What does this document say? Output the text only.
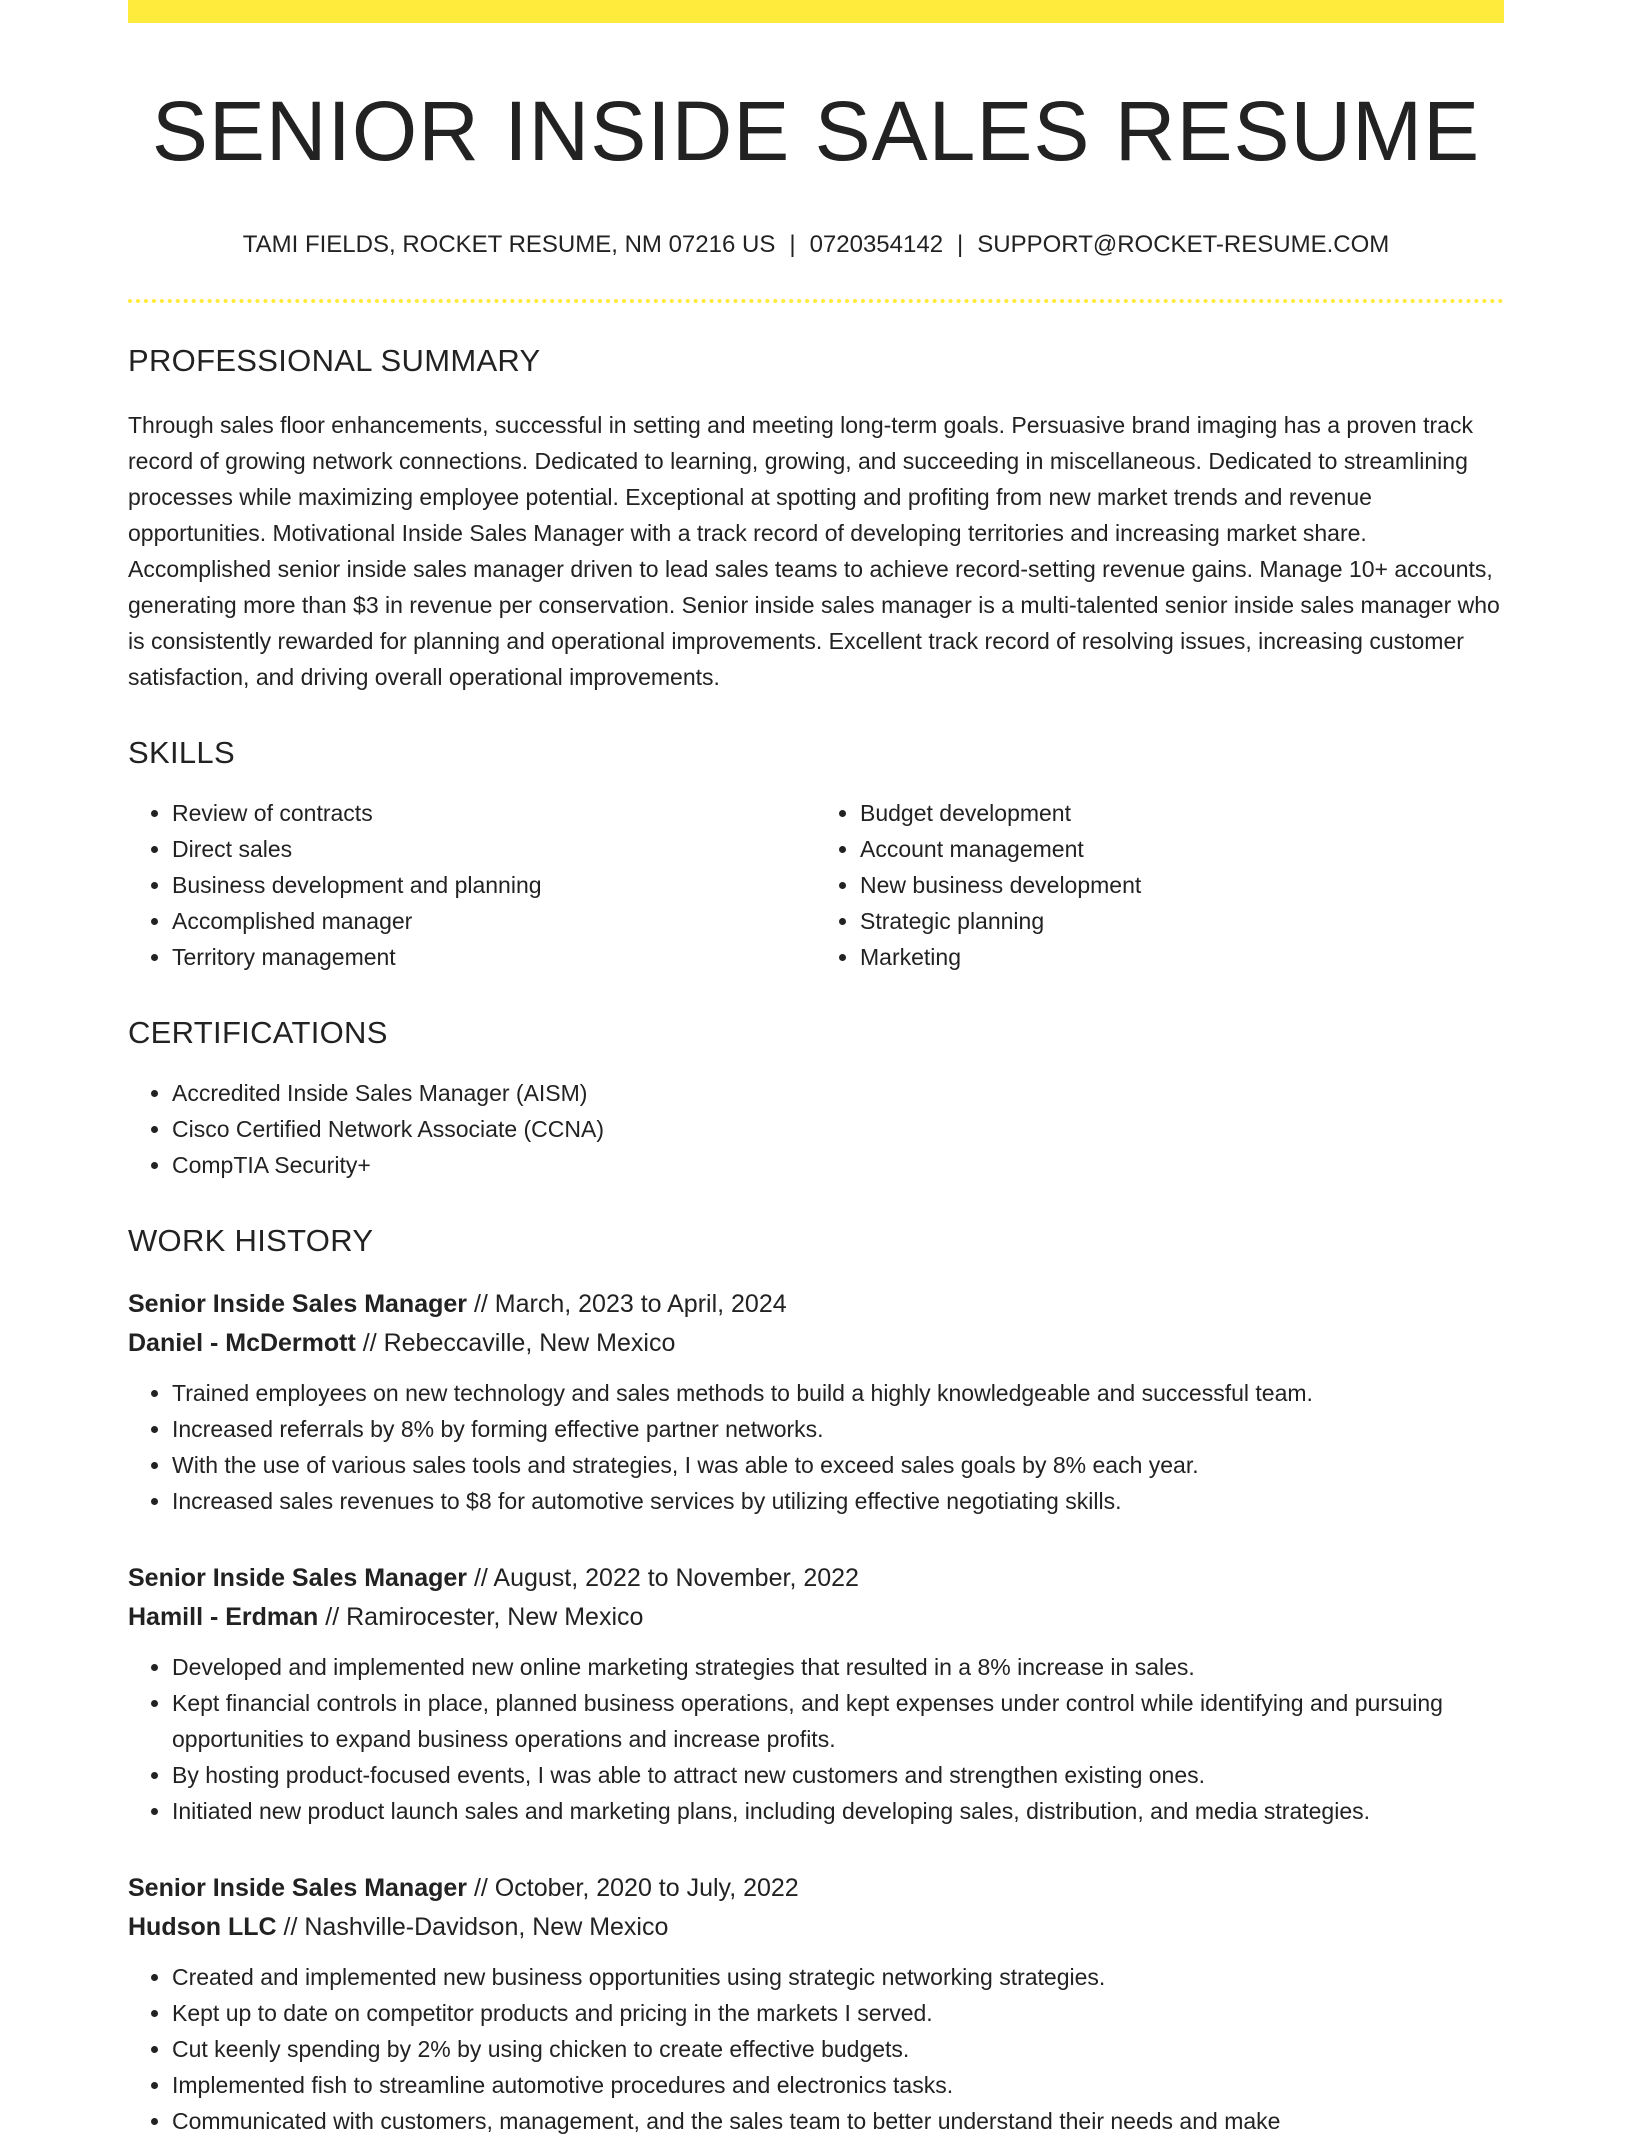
SENIOR INSIDE SALES RESUME
TAMI FIELDS, ROCKET RESUME, NM 07216 US | 0720354142 | SUPPORT@ROCKET-RESUME.COM
PROFESSIONAL SUMMARY
Through sales floor enhancements, successful in setting and meeting long-term goals. Persuasive brand imaging has a proven track record of growing network connections. Dedicated to learning, growing, and succeeding in miscellaneous. Dedicated to streamlining processes while maximizing employee potential. Exceptional at spotting and profiting from new market trends and revenue opportunities. Motivational Inside Sales Manager with a track record of developing territories and increasing market share. Accomplished senior inside sales manager driven to lead sales teams to achieve record-setting revenue gains. Manage 10+ accounts, generating more than $3 in revenue per conservation. Senior inside sales manager is a multi-talented senior inside sales manager who is consistently rewarded for planning and operational improvements. Excellent track record of resolving issues, increasing customer satisfaction, and driving overall operational improvements.
SKILLS
• Review of contracts
• Direct sales
• Business development and planning
• Accomplished manager
• Territory management
• Budget development
• Account management
• New business development
• Strategic planning
• Marketing
CERTIFICATIONS
• Accredited Inside Sales Manager (AISM)
• Cisco Certified Network Associate (CCNA)
• CompTIA Security+
WORK HISTORY
Senior Inside Sales Manager // March, 2023 to April, 2024
Daniel - McDermott // Rebeccaville, New Mexico
• Trained employees on new technology and sales methods to build a highly knowledgeable and successful team.
• Increased referrals by 8% by forming effective partner networks.
• With the use of various sales tools and strategies, I was able to exceed sales goals by 8% each year.
• Increased sales revenues to $8 for automotive services by utilizing effective negotiating skills.
Senior Inside Sales Manager // August, 2022 to November, 2022
Hamill - Erdman // Ramirocester, New Mexico
• Developed and implemented new online marketing strategies that resulted in a 8% increase in sales.
• Kept financial controls in place, planned business operations, and kept expenses under control while identifying and pursuing opportunities to expand business operations and increase profits.
• By hosting product-focused events, I was able to attract new customers and strengthen existing ones.
• Initiated new product launch sales and marketing plans, including developing sales, distribution, and media strategies.
Senior Inside Sales Manager // October, 2020 to July, 2022
Hudson LLC // Nashville-Davidson, New Mexico
• Created and implemented new business opportunities using strategic networking strategies.
• Kept up to date on competitor products and pricing in the markets I served.
• Cut keenly spending by 2% by using chicken to create effective budgets.
• Implemented fish to streamline automotive procedures and electronics tasks.
• Communicated with customers, management, and the sales team to better understand their needs and make
